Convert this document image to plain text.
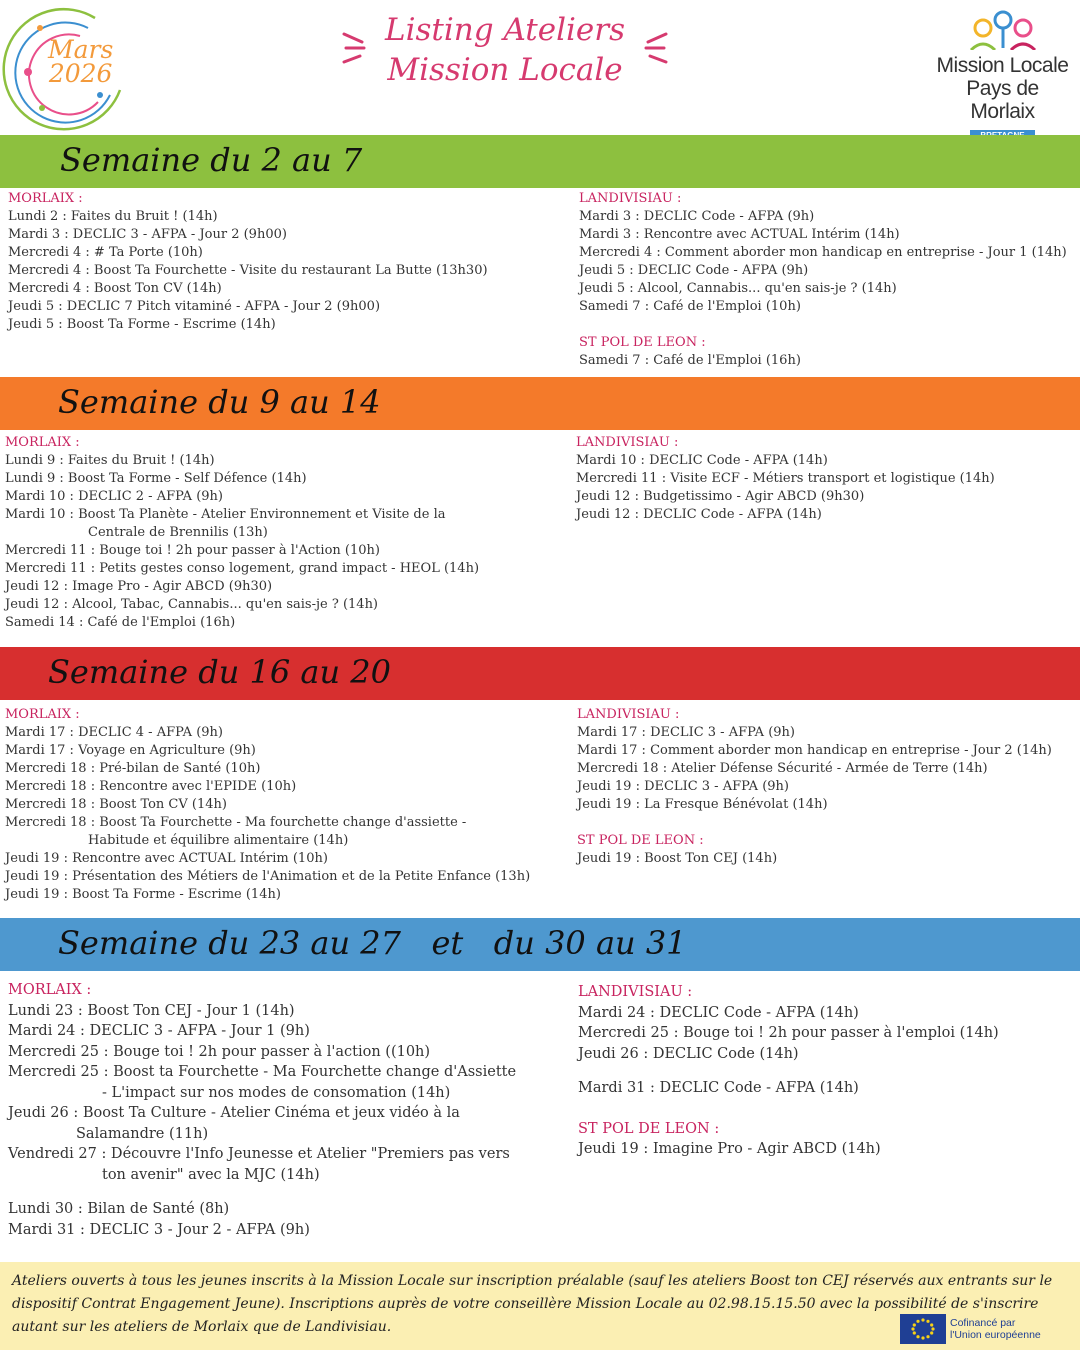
Mars
2026
Listing Ateliers
Mission Locale	Mission Locale
Pays de Morlaix
Semaine du 2 au 7

MORLAIX :

Lundi 2 : Faites du Bruit ! (14h)

Mardi 3 : DECLIC 3 - AFPA - Jour 2 (9h00)

Mercredi 4 : # Ta Porte (10h)

Mercredi 4 : Boost Ta Fourchette - Visite du restaurant La Butte (13h30)

Mercredi 4 : Boost Ton CV (14h)

Jeudi 5 : DECLIC 7 Pitch vitaminé - AFPA - Jour 2 (9h00)

Jeudi 5 : Boost Ta Forme - Escrime (14h)

LANDIVISIAU :

Mardi 3 : DECLIC Code - AFPA (9h)

Mardi 3 : Rencontre avec ACTUAL Intérim (14h)

Mercredi 4 : Comment aborder mon handicap en entreprise - Jour 1 (14h)

Jeudi 5 : DECLIC Code - AFPA (9h)

Jeudi 5 : Alcool, Cannabis... qu'en sais-je ? (14h)

Samedi 7 : Café de l'Emploi (10h)

ST POL DE LEON :

Samedi 7 : Café de l'Emploi (16h)

Semaine du 9 au 14

MORLAIX :

Lundi 9 : Faites du Bruit ! (14h)

Lundi 9 : Boost Ta Forme - Self Défence (14h)

Mardi 10 : DECLIC 2 - AFPA (9h)

Mardi 10 : Boost Ta Planète - Atelier Environnement et Visite de la Centrale de Brennilis (13h)

Mercredi 11 : Bouge toi ! 2h pour passer à l'Action (10h)

Mercredi 11 : Petits gestes conso logement, grand impact - HEOL (14h)

Jeudi 12 : Image Pro - Agir ABCD (9h30)

Jeudi 12 : Alcool, Tabac, Cannabis... qu'en sais-je ? (14h)

Samedi 14 : Café de l'Emploi (16h)

LANDIVISIAU :

Mardi 10 : DECLIC Code - AFPA (14h)

Mercredi 11 : Visite ECF - Métiers transport et logistique (14h)

Jeudi 12 : Budgetissimo - Agir ABCD (9h30)

Jeudi 12 : DECLIC Code - AFPA (14h)

Semaine du 16 au 20

MORLAIX :

Mardi 17 : DECLIC 4 - AFPA (9h)

Mardi 17 : Voyage en Agriculture (9h)

Mercredi 18 : Pré-bilan de Santé (10h)

Mercredi 18 : Rencontre avec l'EPIDE (10h)

Mercredi 18 : Boost Ton CV (14h)

Mercredi 18 : Boost Ta Fourchette - Ma fourchette change d'assiette - Habitude et équilibre alimentaire (14h)

Jeudi 19 : Rencontre avec ACTUAL Intérim (10h)

Jeudi 19 : Présentation des Métiers de l'Animation et de la Petite Enfance (13h)

Jeudi 19 : Boost Ta Forme - Escrime (14h)

LANDIVISIAU :

Mardi 17 : DECLIC 3 - AFPA (9h)

Mardi 17 : Comment aborder mon handicap en entreprise - Jour 2 (14h)

Mercredi 18 : Atelier Défense Sécurité - Armée de Terre (14h)

Jeudi 19 : DECLIC 3 - AFPA (9h)

Jeudi 19 : La Fresque Bénévolat (14h)

ST POL DE LEON :

Jeudi 19 : Boost Ton CEJ (14h)

Semaine du 23 au 27   et   du 30 au 31

MORLAIX :

Lundi 23 : Boost Ton CEJ - Jour 1 (14h)

Mardi 24 : DECLIC 3 - AFPA - Jour 1 (9h)

Mercredi 25 : Bouge toi ! 2h pour passer à l'action ((10h)

Mercredi 25 : Boost ta Fourchette - Ma Fourchette change d'Assiette - L'impact sur nos modes de consomation (14h)

Jeudi 26 : Boost Ta Culture - Atelier Cinéma et jeux vidéo à la Salamandre (11h)

Vendredi 27 : Découvre l'Info Jeunesse et Atelier "Premiers pas vers ton avenir" avec la MJC (14h)

Lundi 30 : Bilan de Santé (8h)

Mardi 31 : DECLIC 3 - Jour 2 - AFPA (9h)

LANDIVISIAU :

Mardi 24 : DECLIC Code - AFPA (14h)

Mercredi 25 : Bouge toi ! 2h pour passer à l'emploi (14h)

Jeudi 26 : DECLIC Code (14h)

Mardi 31 : DECLIC Code - AFPA (14h)

ST POL DE LEON :

Jeudi 19 : Imagine Pro - Agir ABCD (14h)

Ateliers ouverts à tous les jeunes inscrits à la Mission Locale sur inscription préalable (sauf les ateliers Boost ton CEJ réservés aux entrants sur le dispositif Contrat Engagement Jeune). Inscriptions auprès de votre conseillère Mission Locale au 02.98.15.15.50 avec la possibilité de s'inscrire autant sur les ateliers de Morlaix que de Landivisiau.	Cofinancé par
l'Union européenne
